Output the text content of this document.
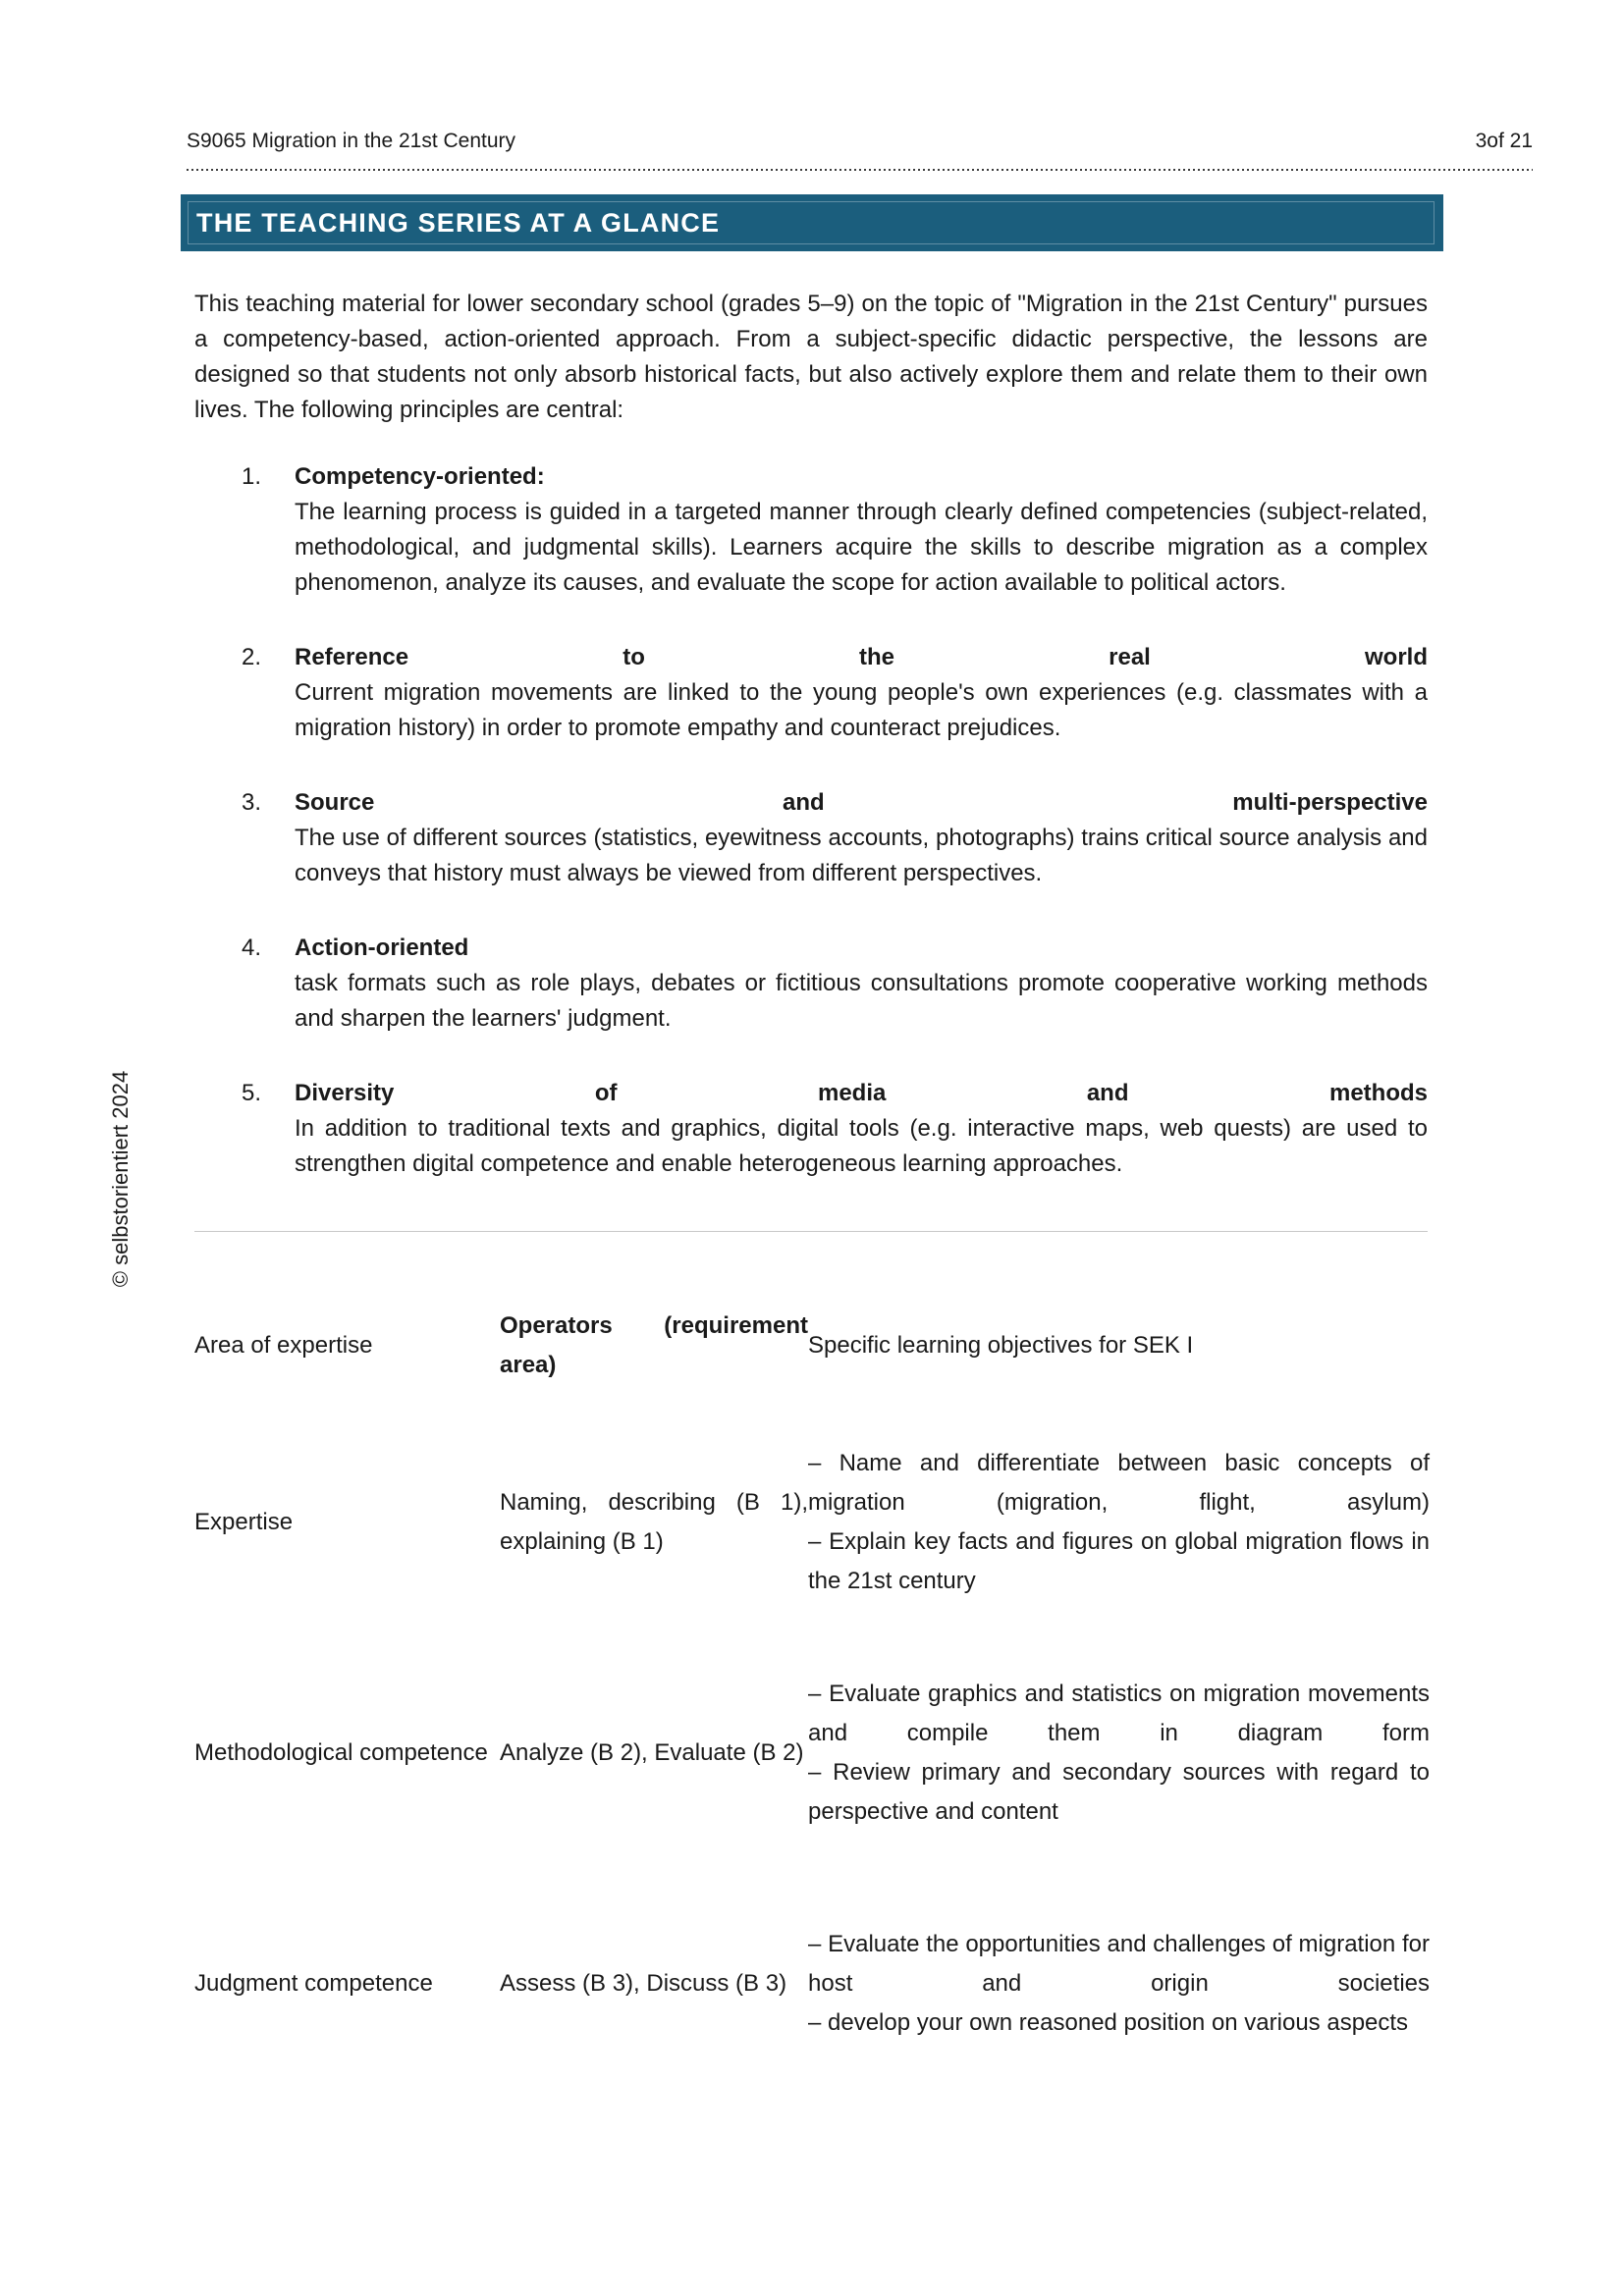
S9065 Migration in the 21st Century	3of 21
THE TEACHING SERIES AT A GLANCE

This teaching material for lower secondary school (grades 5–9) on the topic of "Migration in the 21st Century" pursues a competency-based, action-oriented approach. From a subject-specific didactic perspective, the lessons are designed so that students not only absorb historical facts, but also actively explore them and relate them to their own lives. The following principles are central:

1.	Competency-oriented:
The learning process is guided in a targeted manner through clearly defined competencies (subject-related, methodological, and judgmental skills). Learners acquire the skills to describe migration as a complex phenomenon, analyze its causes, and evaluate the scope for action available to political actors.
2.	Reference to the real world
Current migration movements are linked to the young people's own experiences (e.g. classmates with a migration history) in order to promote empathy and counteract prejudices.
3.	Source and multi-perspective
The use of different sources (statistics, eyewitness accounts, photographs) trains critical source analysis and conveys that history must always be viewed from different perspectives.
4.	Action-oriented
task formats such as role plays, debates or fictitious consultations promote cooperative working methods and sharpen the learners' judgment.
5.	Diversity of media and methods
In addition to traditional texts and graphics, digital tools (e.g. interactive maps, web quests) are used to strengthen digital competence and enable heterogeneous learning approaches.
Area of expertise	Operators (requirement area)	Specific learning objectives for SEK I
Expertise	Naming, describing (B 1), explaining (B 1)	– Name and differentiate between basic concepts of migration (migration, flight, asylum)
– Explain key facts and figures on global migration flows in the 21st century

Methodological competence	Analyze (B 2), Evaluate (B 2)	– Evaluate graphics and statistics on migration movements and compile them in diagram form
– Review primary and secondary sources with regard to perspective and content

Judgment competence	Assess (B 3), Discuss (B 3)	– Evaluate the opportunities and challenges of migration for host and origin societies
– develop your own reasoned position on various aspects
© selbstorientiert 2024
